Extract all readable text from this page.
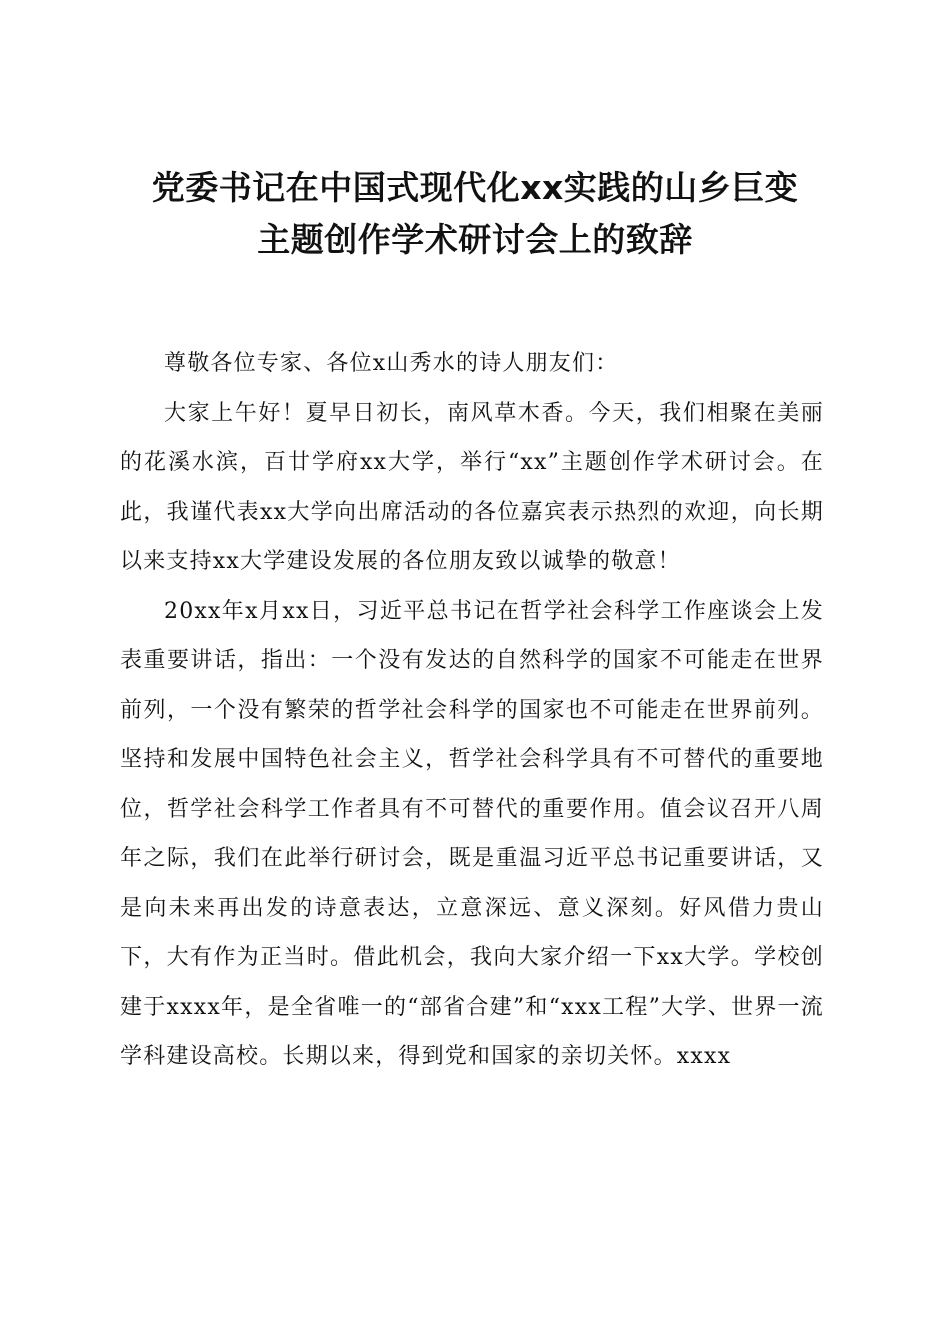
党委书记在中国式现代化xx实践的山乡巨变
主题创作学术研讨会上的致辞

尊敬各位专家、各位x山秀水的诗人朋友们：

大家上午好！夏早日初长，南风草木香。今天，我们相聚在美丽的花溪水滨，百廿学府xx大学，举行“xx”主题创作学术研讨会。在此，我谨代表xx大学向出席活动的各位嘉宾表示热烈的欢迎，向长期以来支持xx大学建设发展的各位朋友致以诚挚的敬意！

20xx年x月xx日，习近平总书记在哲学社会科学工作座谈会上发表重要讲话，指出：一个没有发达的自然科学的国家不可能走在世界前列，一个没有繁荣的哲学社会科学的国家也不可能走在世界前列。坚持和发展中国特色社会主义，哲学社会科学具有不可替代的重要地位，哲学社会科学工作者具有不可替代的重要作用。值会议召开八周年之际，我们在此举行研讨会，既是重温习近平总书记重要讲话，又是向未来再出发的诗意表达，立意深远、意义深刻。好风借力贵山下，大有作为正当时。借此机会，我向大家介绍一下xx大学。学校创建于xxxx年，是全省唯一的“部省合建”和“xxx工程”大学、世界一流学科建设高校。长期以来，得到党和国家的亲切关怀。xxxx
